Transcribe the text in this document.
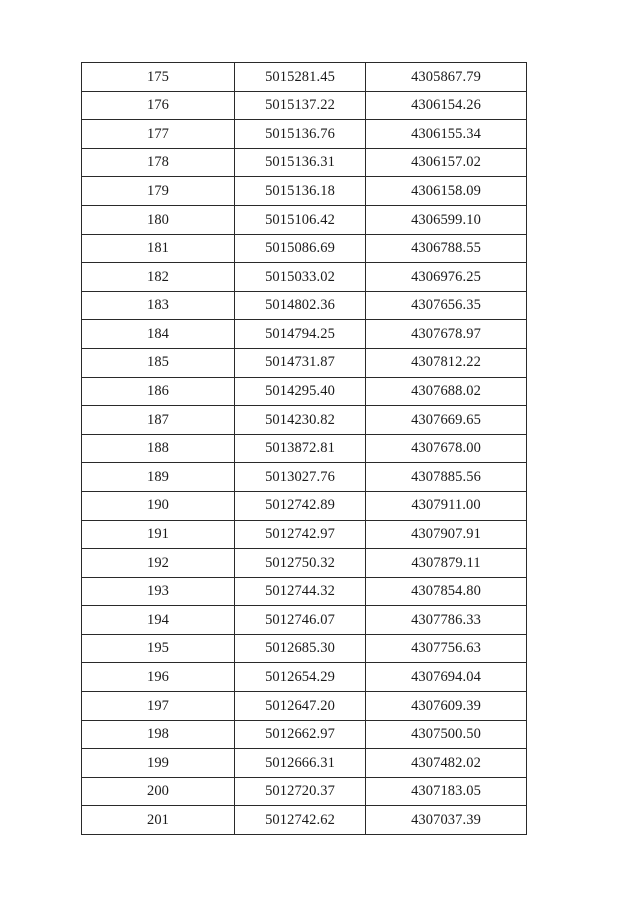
175	5015281.45	4305867.79
176	5015137.22	4306154.26
177	5015136.76	4306155.34
178	5015136.31	4306157.02
179	5015136.18	4306158.09
180	5015106.42	4306599.10
181	5015086.69	4306788.55
182	5015033.02	4306976.25
183	5014802.36	4307656.35
184	5014794.25	4307678.97
185	5014731.87	4307812.22
186	5014295.40	4307688.02
187	5014230.82	4307669.65
188	5013872.81	4307678.00
189	5013027.76	4307885.56
190	5012742.89	4307911.00
191	5012742.97	4307907.91
192	5012750.32	4307879.11
193	5012744.32	4307854.80
194	5012746.07	4307786.33
195	5012685.30	4307756.63
196	5012654.29	4307694.04
197	5012647.20	4307609.39
198	5012662.97	4307500.50
199	5012666.31	4307482.02
200	5012720.37	4307183.05
201	5012742.62	4307037.39
